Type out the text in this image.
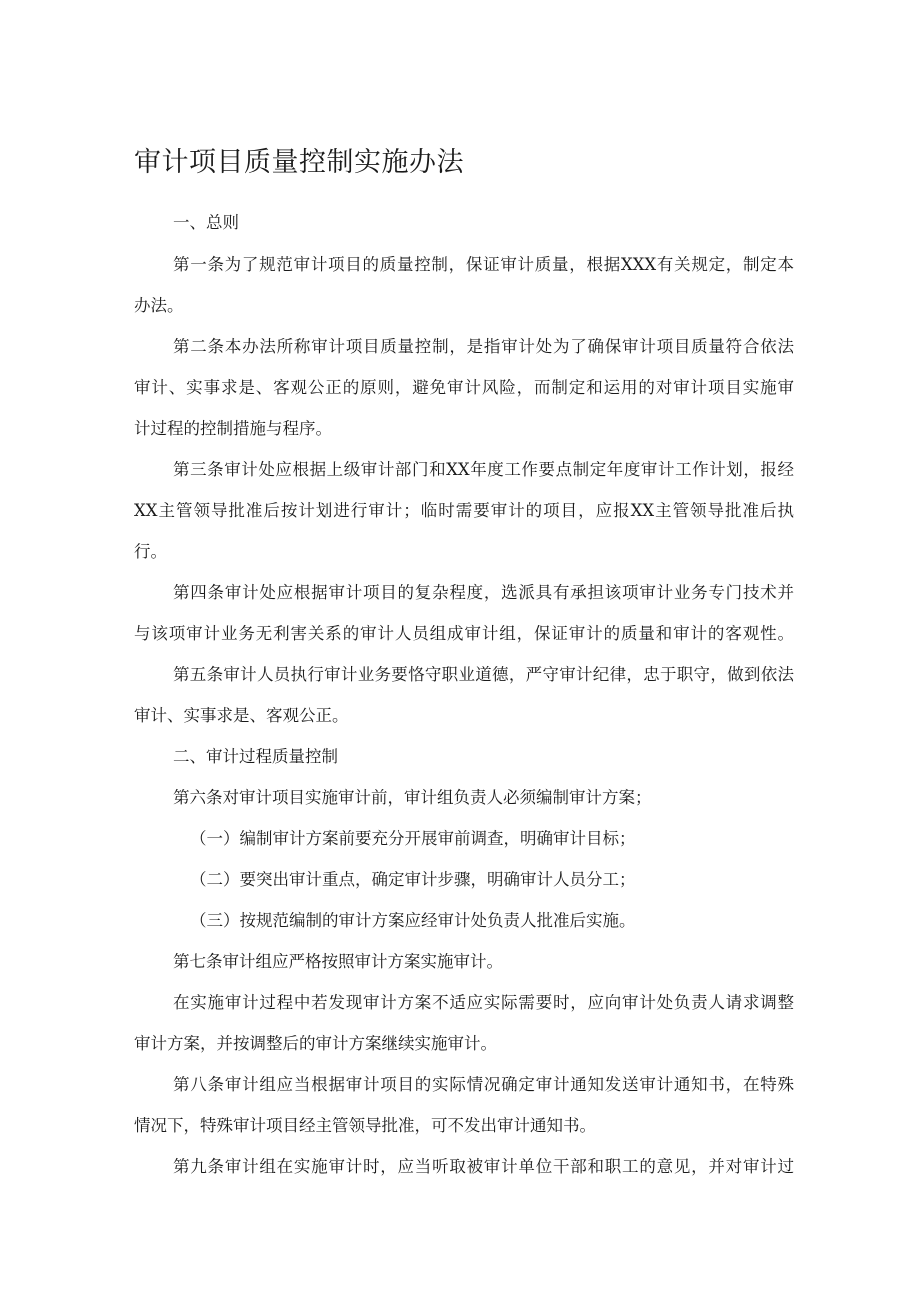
审计项目质量控制实施办法
一、总则
第一条为了规范审计项目的质量控制，保证审计质量，根据XXX有关规定，制定本
办法。
第二条本办法所称审计项目质量控制，是指审计处为了确保审计项目质量符合依法
审计、实事求是、客观公正的原则，避免审计风险，而制定和运用的对审计项目实施审
计过程的控制措施与程序。
第三条审计处应根据上级审计部门和XX年度工作要点制定年度审计工作计划，报经
XX主管领导批准后按计划进行审计；临时需要审计的项目，应报XX主管领导批准后执
行。
第四条审计处应根据审计项目的复杂程度，选派具有承担该项审计业务专门技术并
与该项审计业务无利害关系的审计人员组成审计组，保证审计的质量和审计的客观性。
第五条审计人员执行审计业务要恪守职业道德，严守审计纪律，忠于职守，做到依法
审计、实事求是、客观公正。
二、审计过程质量控制
第六条对审计项目实施审计前，审计组负责人必须编制审计方案；
（一）编制审计方案前要充分开展审前调查，明确审计目标；
（二）要突出审计重点，确定审计步骤，明确审计人员分工；
（三）按规范编制的审计方案应经审计处负责人批准后实施。
第七条审计组应严格按照审计方案实施审计。
在实施审计过程中若发现审计方案不适应实际需要时，应向审计处负责人请求调整
审计方案，并按调整后的审计方案继续实施审计。
第八条审计组应当根据审计项目的实际情况确定审计通知发送审计通知书，在特殊
情况下，特殊审计项目经主管领导批准，可不发出审计通知书。
第九条审计组在实施审计时，应当听取被审计单位干部和职工的意见，并对审计过
